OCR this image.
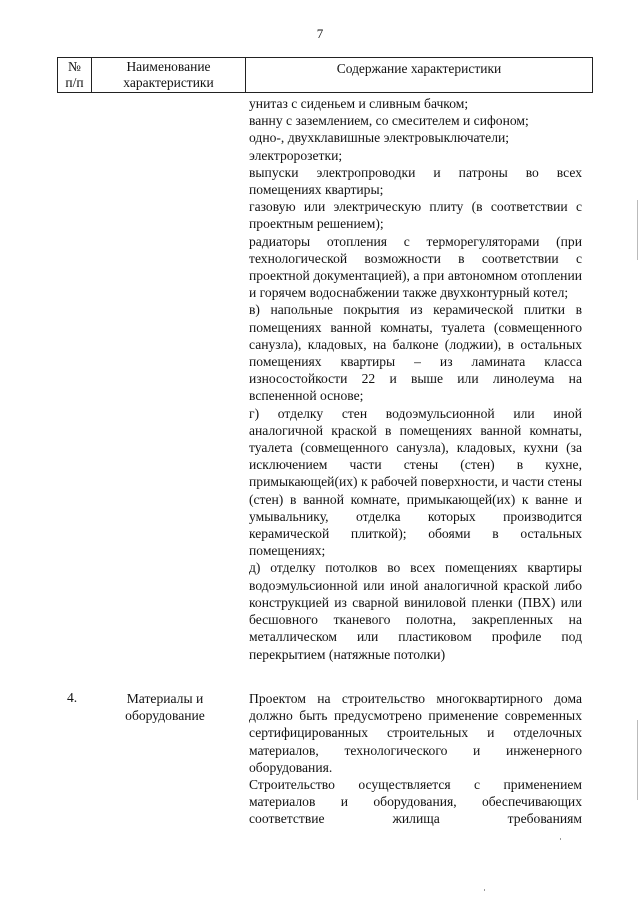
7
№
п/п
Наименование
характеристики
Содержание характеристики

унитаз с сиденьем и сливным бачком;

ванну с заземлением, со смесителем и сифоном;

одно-, двухклавишные электровыключатели;

электророзетки;

выпуски электропроводки и патроны во всех помещениях квартиры;

газовую или электрическую плиту (в соответствии с проектным решением);

радиаторы отопления с терморегуляторами (при технологической возможности в соответствии с проектной документацией), а при автономном отоплении и горячем водоснабжении также двухконтурный котел;

в) напольные покрытия из керамической плитки в помещениях ванной комнаты, туалета (совмещенного санузла), кладовых, на балконе (лоджии), в остальных помещениях квартиры – из ламината класса износостойкости 22 и выше или линолеума на вспененной основе;

г) отделку стен водоэмульсионной или иной аналогичной краской в помещениях ванной комнаты, туалета (совмещенного санузла), кладовых, кухни (за исключением части стены (стен) в кухне, примыкающей(их) к рабочей поверхности, и части стены (стен) в ванной комнате, примыкающей(их) к ванне и умывальнику, отделка которых производится керамической плиткой); обоями в остальных помещениях;

д) отделку потолков во всех помещениях квартиры водоэмульсионной или иной аналогичной краской либо конструкцией из сварной виниловой пленки (ПВХ) или бесшовного тканевого полотна, закрепленных на металлическом или пластиковом профиле под перекрытием (натяжные потолки)

4.	Материалы и
оборудование

Проектом на строительство многоквартирного дома должно быть предусмотрено применение современных сертифицированных строительных и отделочных материалов, технологического и инженерного оборудования.

Строительство осуществляется с применением материалов и оборудования, обеспечивающих соответствие жилища требованиям
